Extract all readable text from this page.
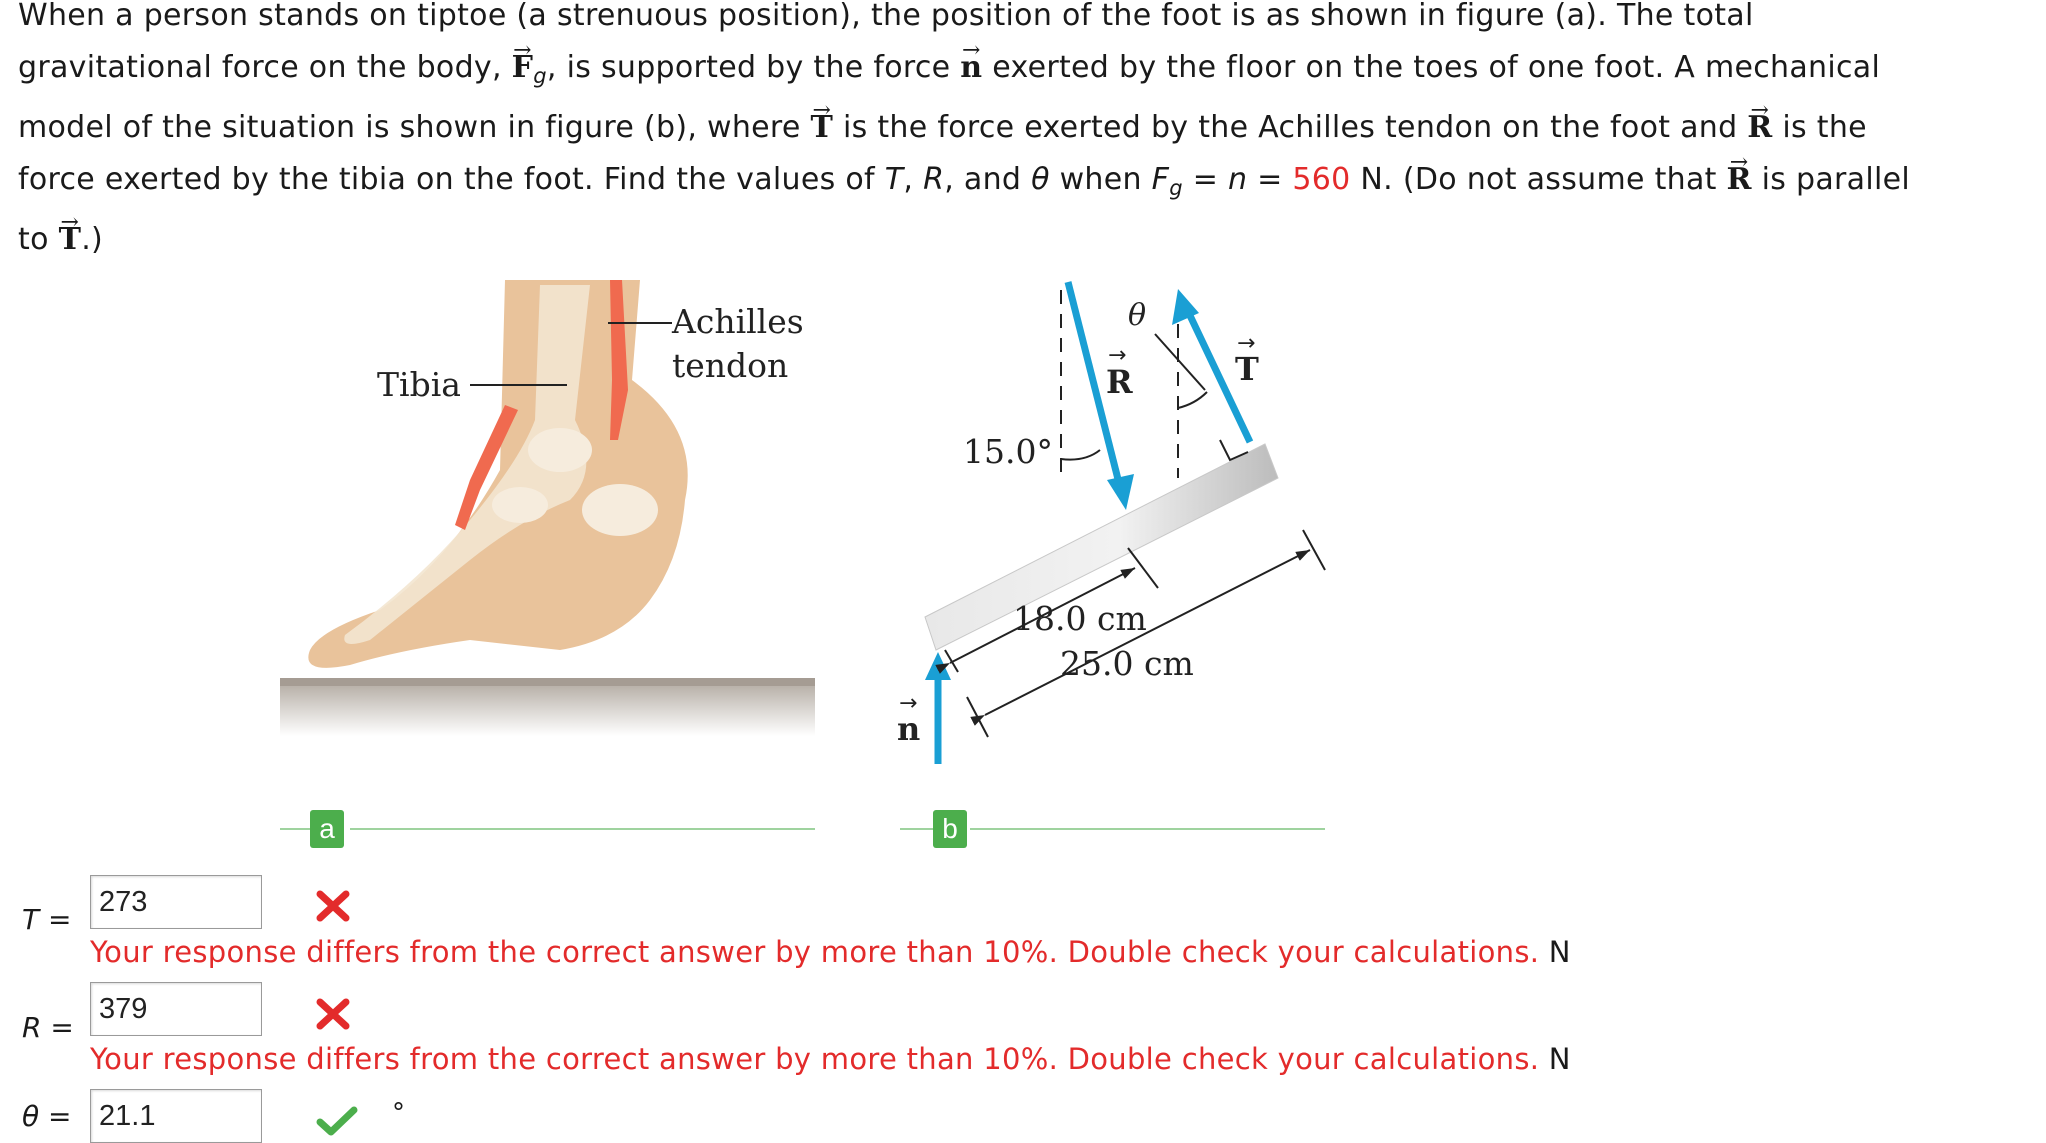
When a person stands on tiptoe (a strenuous position), the position of the foot is as shown in figure (a). The total
gravitational force on the body, → $F_g$, is supported by the force → n exerted by the floor on the toes of one foot. A mechanical
model of the situation is shown in figure (b), where → T is the force exerted by the Achilles tendon on the foot and → R is the
force exerted by the tibia on the foot. Find the values of T, R, and θ when $F_g = n = 560$ N. (Do not assume that → R is parallel
to → T.)
Tibia
Achilles
tendon
15.0°
θ
R
→	T
→
n
→
18.0 cm
25.0 cm
a	b
T =
273
Your response differs from the correct answer by more than 10%. Double check your calculations. N
R =
379
Your response differs from the correct answer by more than 10%. Double check your calculations. N
θ = 21.1	°
